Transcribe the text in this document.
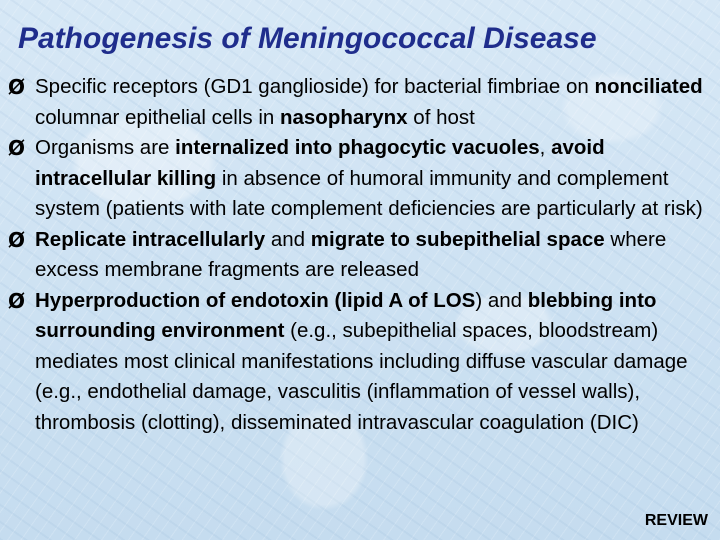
Pathogenesis of Meningococcal Disease
Ø Specific receptors (GD1 ganglioside) for bacterial fimbriae on nonciliated columnar epithelial cells in nasopharynx of host
Ø Organisms are internalized into phagocytic vacuoles, avoid intracellular killing in absence of humoral immunity and complement system (patients with late complement deficiencies are particularly at risk)
Ø Replicate intracellularly and migrate to subepithelial space where excess membrane fragments are released
Ø Hyperproduction of endotoxin (lipid A of LOS) and blebbing into surrounding environment (e.g., subepithelial spaces, bloodstream) mediates most clinical manifestations including diffuse vascular damage (e.g., endothelial damage, vasculitis (inflammation of vessel walls), thrombosis (clotting), disseminated intravascular coagulation (DIC)
REVIEW
